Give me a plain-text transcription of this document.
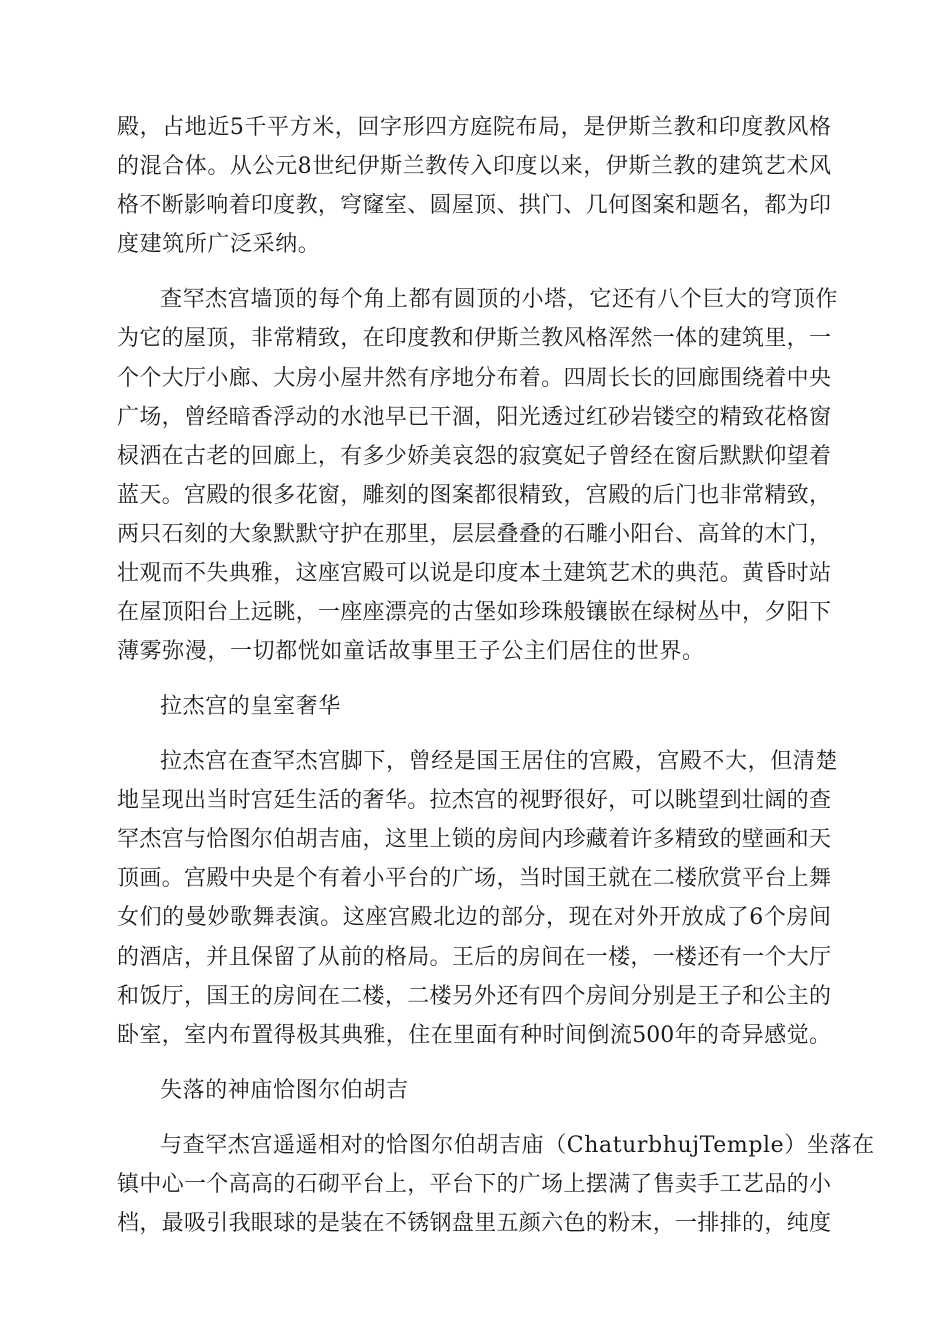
殿，占地近5千平方米，回字形四方庭院布局，是伊斯兰教和印度教风格
的混合体。从公元8世纪伊斯兰教传入印度以来，伊斯兰教的建筑艺术风
格不断影响着印度教，穹窿室、圆屋顶、拱门、几何图案和题名，都为印
度建筑所广泛采纳。
查罕杰宫墙顶的每个角上都有圆顶的小塔，它还有八个巨大的穹顶作
为它的屋顶，非常精致，在印度教和伊斯兰教风格浑然一体的建筑里，一
个个大厅小廊、大房小屋井然有序地分布着。四周长长的回廊围绕着中央
广场，曾经暗香浮动的水池早已干涸，阳光透过红砂岩镂空的精致花格窗
棂洒在古老的回廊上，有多少娇美哀怨的寂寞妃子曾经在窗后默默仰望着
蓝天。宫殿的很多花窗，雕刻的图案都很精致，宫殿的后门也非常精致，
两只石刻的大象默默守护在那里，层层叠叠的石雕小阳台、高耸的木门，
壮观而不失典雅，这座宫殿可以说是印度本土建筑艺术的典范。黄昏时站
在屋顶阳台上远眺，一座座漂亮的古堡如珍珠般镶嵌在绿树丛中，夕阳下
薄雾弥漫，一切都恍如童话故事里王子公主们居住的世界。
拉杰宫的皇室奢华
拉杰宫在查罕杰宫脚下，曾经是国王居住的宫殿，宫殿不大，但清楚
地呈现出当时宫廷生活的奢华。拉杰宫的视野很好，可以眺望到壮阔的查
罕杰宫与恰图尔伯胡吉庙，这里上锁的房间内珍藏着许多精致的壁画和天
顶画。宫殿中央是个有着小平台的广场，当时国王就在二楼欣赏平台上舞
女们的曼妙歌舞表演。这座宫殿北边的部分，现在对外开放成了6个房间
的酒店，并且保留了从前的格局。王后的房间在一楼，一楼还有一个大厅
和饭厅，国王的房间在二楼，二楼另外还有四个房间分别是王子和公主的
卧室，室内布置得极其典雅，住在里面有种时间倒流500年的奇异感觉。
失落的神庙恰图尔伯胡吉
与查罕杰宫遥遥相对的恰图尔伯胡吉庙（ChaturbhujTemple）坐落在
镇中心一个高高的石砌平台上，平台下的广场上摆满了售卖手工艺品的小
档，最吸引我眼球的是装在不锈钢盘里五颜六色的粉末，一排排的，纯度
